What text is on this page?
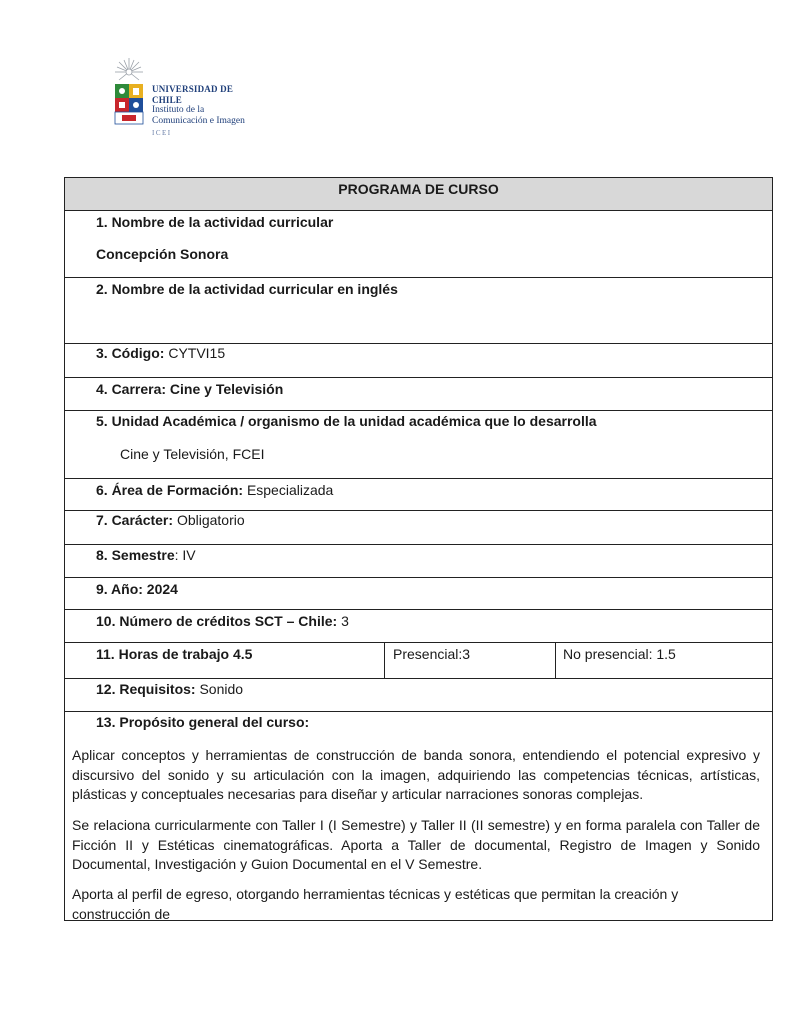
UNIVERSIDAD DE CHILE
Instituto de la
Comunicación e Imagen
ICEI
PROGRAMA DE CURSO
1. Nombre de la actividad curricular
Concepción Sonora
2. Nombre de la actividad curricular en inglés
3. Código: CYTVI15
4. Carrera: Cine y Televisión
5. Unidad Académica / organismo de la unidad académica que lo desarrolla
Cine y Televisión, FCEI
6. Área de Formación: Especializada
7. Carácter: Obligatorio
8. Semestre: IV
9. Año: 2024
10. Número de créditos SCT – Chile: 3
11. Horas de trabajo 4.5	Presencial:3	No presencial: 1.5
12. Requisitos: Sonido
13. Propósito general del curso:
Aplicar conceptos y herramientas de construcción de banda sonora, entendiendo el potencial expresivo y discursivo del sonido y su articulación con la imagen, adquiriendo las competencias técnicas, artísticas, plásticas y conceptuales necesarias para diseñar y articular narraciones sonoras complejas.
Se relaciona curricularmente con Taller I (I Semestre) y Taller II (II semestre) y en forma paralela con Taller de Ficción II y Estéticas cinematográficas. Aporta a Taller de documental, Registro de Imagen y Sonido Documental, Investigación y Guion Documental en el V Semestre.
Aporta al perfil de egreso, otorgando herramientas técnicas y estéticas que permitan la creación y construcción de
